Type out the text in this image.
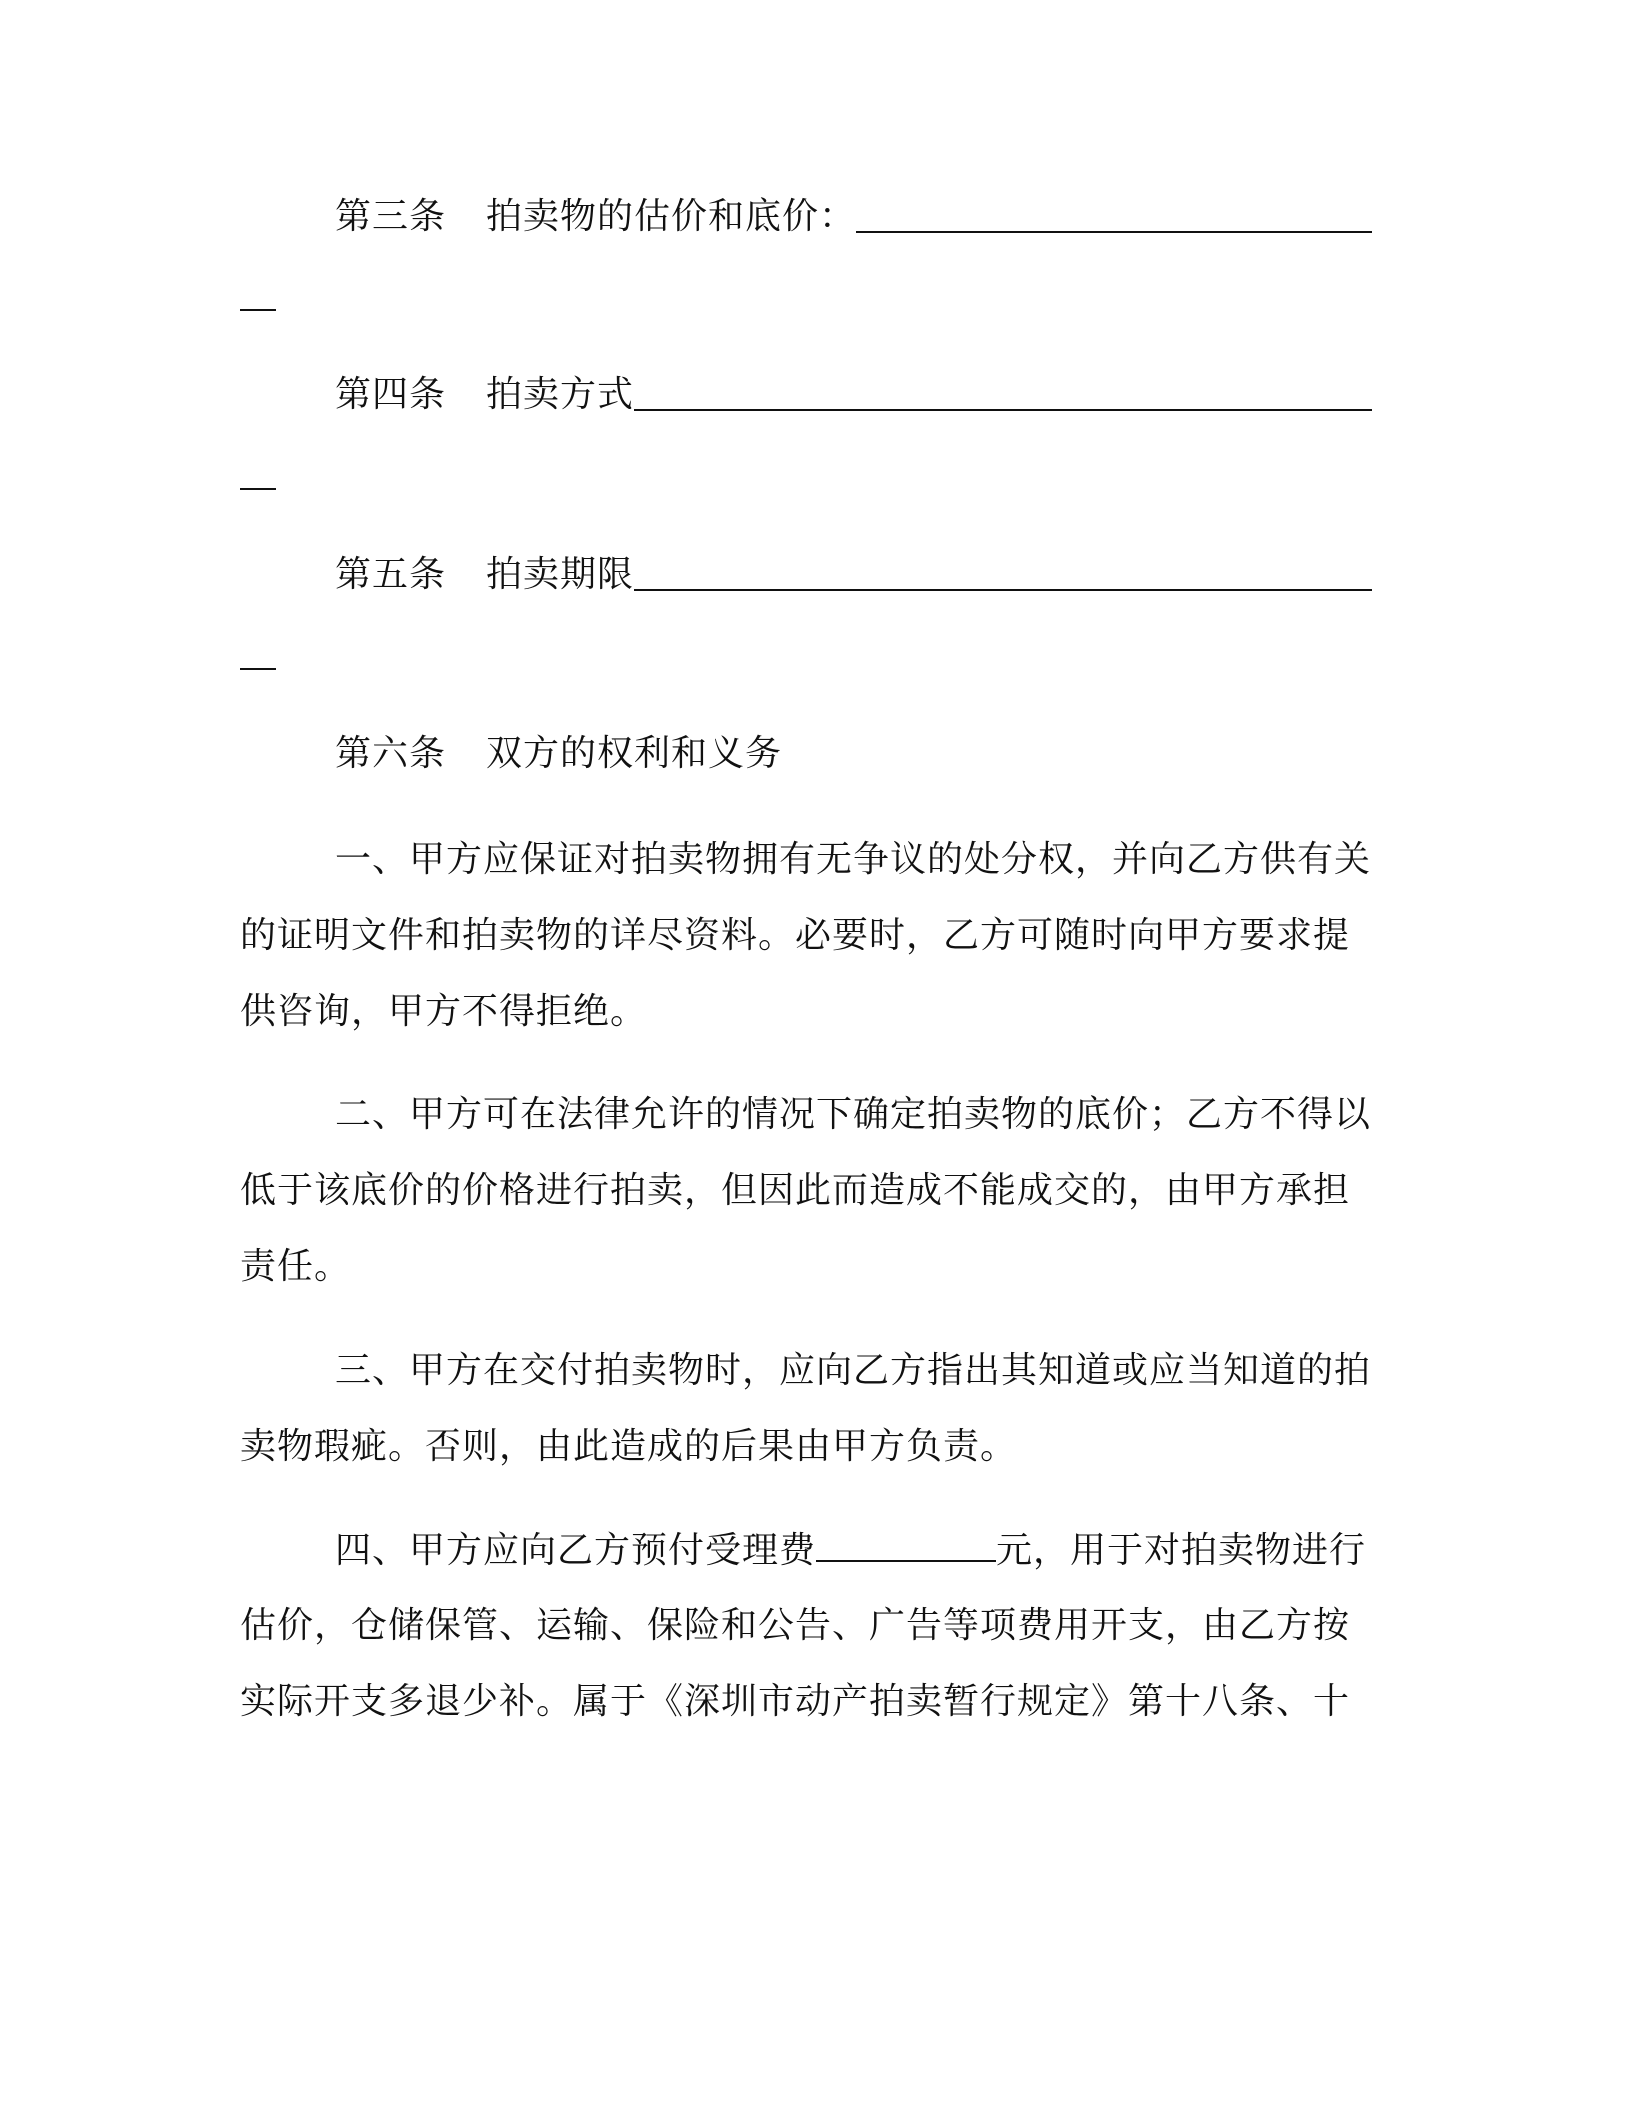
第三条 拍卖物的估价和底价：
第四条 拍卖方式
第五条 拍卖期限
第六条 双方的权利和义务
一、甲方应保证对拍卖物拥有无争议的处分权，并向乙方供有关
的证明文件和拍卖物的详尽资料。必要时，乙方可随时向甲方要求提
供咨询，甲方不得拒绝。
二、甲方可在法律允许的情况下确定拍卖物的底价；乙方不得以
低于该底价的价格进行拍卖，但因此而造成不能成交的，由甲方承担
责任。
三、甲方在交付拍卖物时，应向乙方指出其知道或应当知道的拍
卖物瑕疵。否则，由此造成的后果由甲方负责。
四、甲方应向乙方预付受理费	元，用于对拍卖物进行
估价，仓储保管、运输、保险和公告、广告等项费用开支，由乙方按
实际开支多退少补。属于《深圳市动产拍卖暂行规定》第十八条、十
